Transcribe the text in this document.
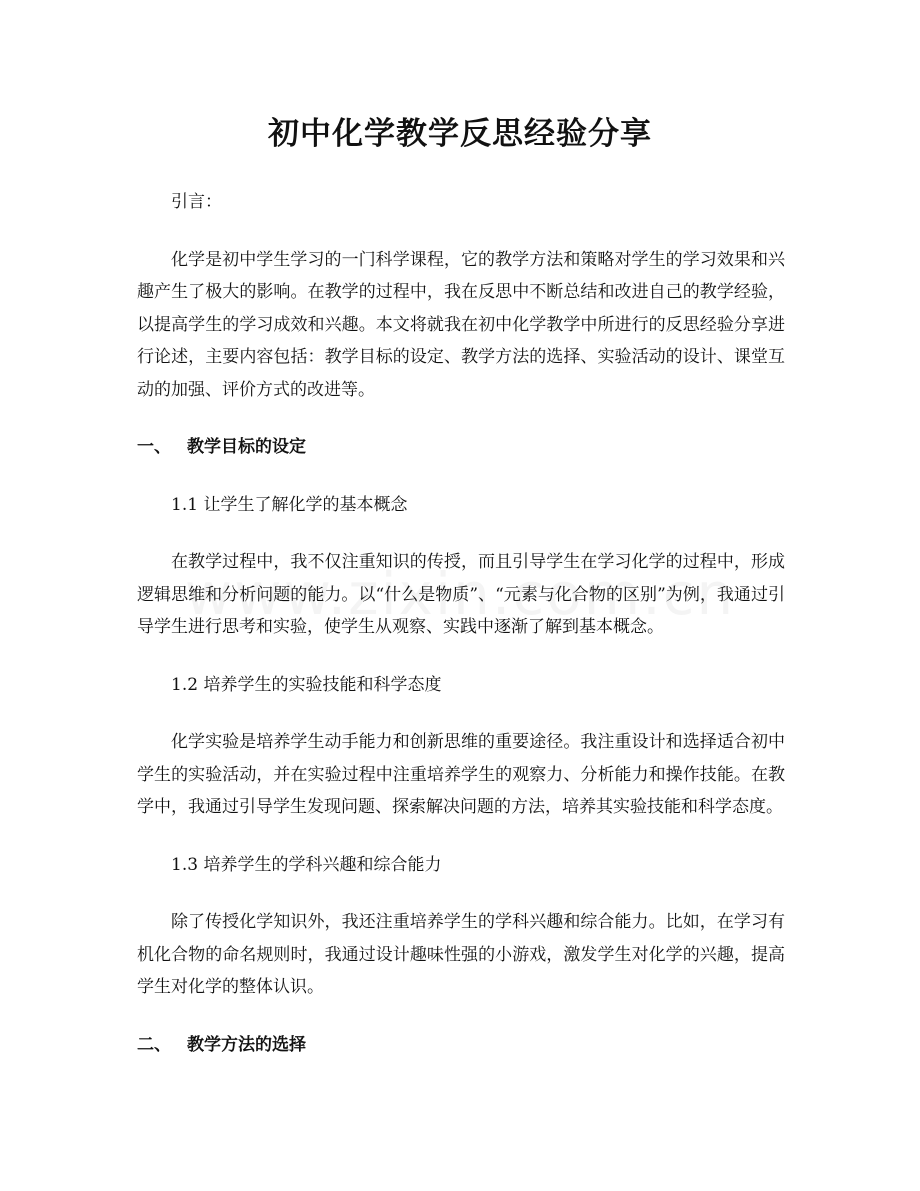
初中化学教学反思经验分享

引言：

化学是初中学生学习的一门科学课程，它的教学方法和策略对学生的学习效果和兴趣产生了极大的影响。在教学的过程中，我在反思中不断总结和改进自己的教学经验，以提高学生的学习成效和兴趣。本文将就我在初中化学教学中所进行的反思经验分享进行论述，主要内容包括：教学目标的设定、教学方法的选择、实验活动的设计、课堂互动的加强、评价方式的改进等。

一、 教学目标的设定

1.1 让学生了解化学的基本概念

在教学过程中，我不仅注重知识的传授，而且引导学生在学习化学的过程中，形成逻辑思维和分析问题的能力。以“什么是物质”、“元素与化合物的区别”为例，我通过引导学生进行思考和实验，使学生从观察、实践中逐渐了解到基本概念。

1.2 培养学生的实验技能和科学态度

化学实验是培养学生动手能力和创新思维的重要途径。我注重设计和选择适合初中学生的实验活动，并在实验过程中注重培养学生的观察力、分析能力和操作技能。在教学中，我通过引导学生发现问题、探索解决问题的方法，培养其实验技能和科学态度。

1.3 培养学生的学科兴趣和综合能力

除了传授化学知识外，我还注重培养学生的学科兴趣和综合能力。比如，在学习有机化合物的命名规则时，我通过设计趣味性强的小游戏，激发学生对化学的兴趣，提高学生对化学的整体认识。

二、 教学方法的选择
